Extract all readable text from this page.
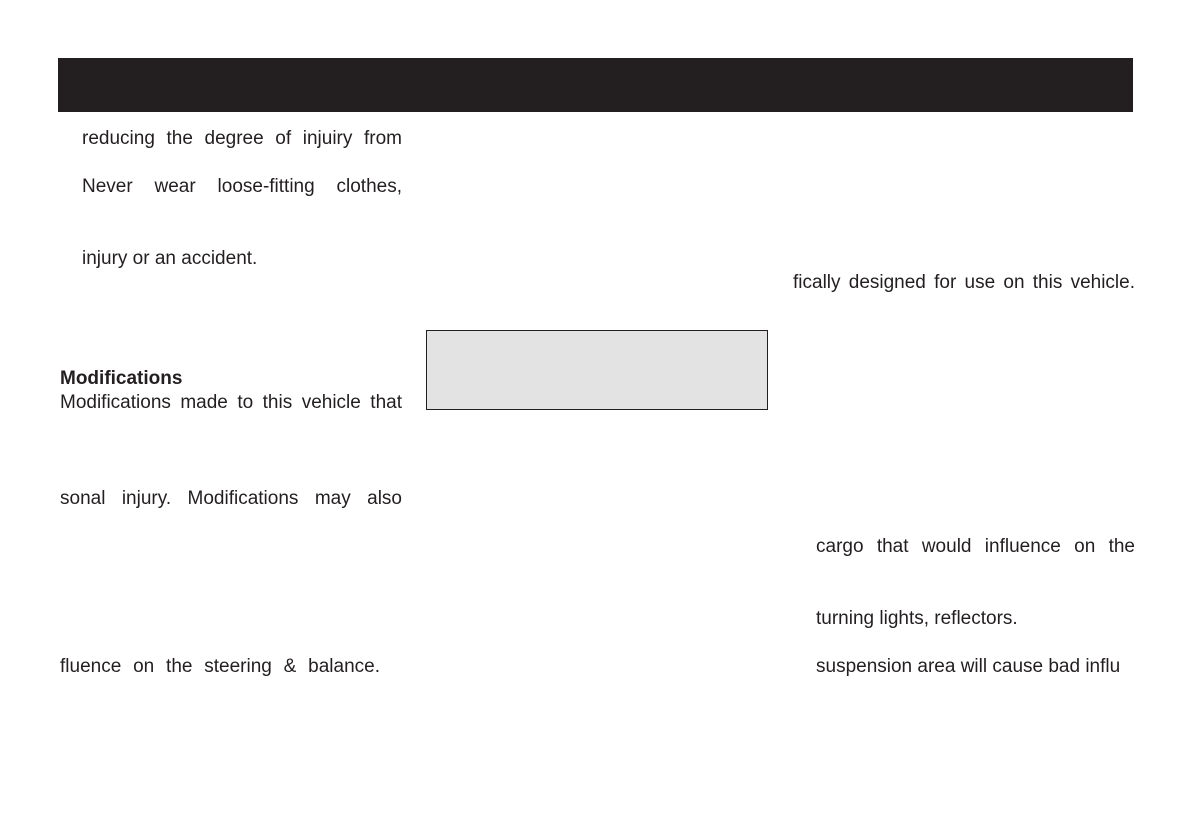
reducing the degree of injuiry from
Never wear loose-fitting clothes,
injury or an accident.
Modifications
Modifications made to this vehicle that
sonal injury. Modifications may also
fluence on the steering & balance.
fically designed for use on this vehicle.
cargo that would influence on the
turning lights, reflectors.
suspension area will cause bad influ
